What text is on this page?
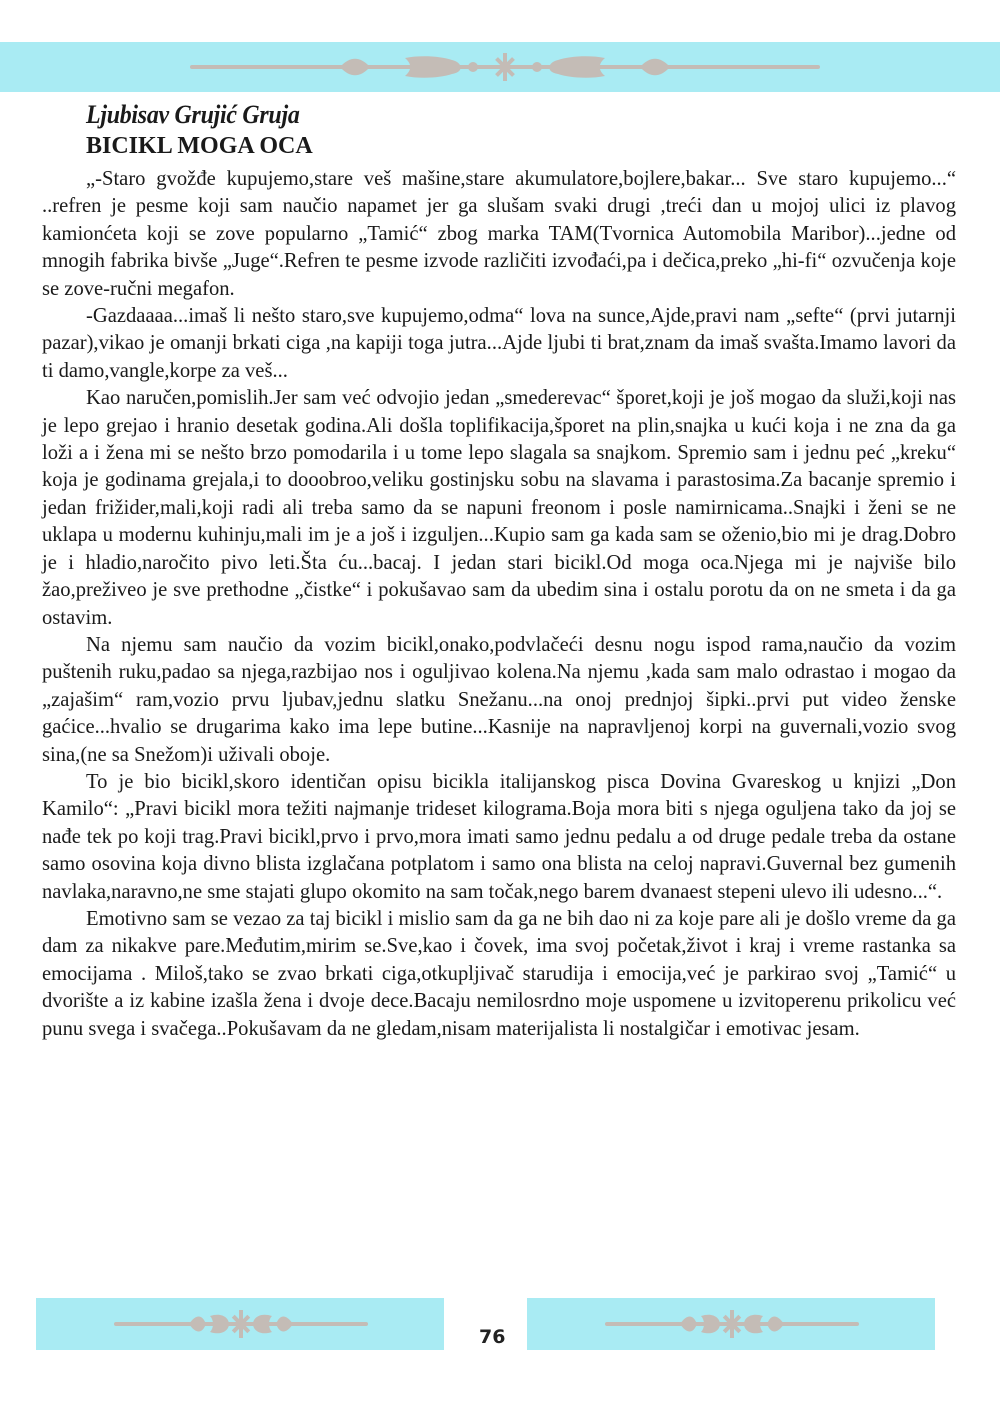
Ljubisav Grujić Gruja
BICIKL MOGA OCA

„-Staro gvožđe kupujemo,stare veš mašine,stare akumulatore,bojlere,bakar... Sve staro kupujemo...“ ..refren je pesme koji sam naučio napamet jer ga slušam svaki drugi ,treći dan u mojoj ulici iz plavog kamionćeta koji se zove popularno „Tamić“ zbog marka TAM(Tvornica Automobila Maribor)...jedne od mnogih fabrika bivše „Juge“.Refren te pesme izvode različiti izvođaći,pa i dečica,preko „hi-fi“ ozvučenja koje se zove-ručni megafon.

-Gazdaaaa...imaš li nešto staro,sve kupujemo,odma“ lova na sunce,Ajde,pravi nam „sefte“ (prvi jutarnji pazar),vikao je omanji brkati ciga ,na kapiji toga jutra...Ajde ljubi ti brat,znam da imaš svašta.Imamo lavori da ti damo,vangle,korpe za veš...

Kao naručen,pomislih.Jer sam već odvojio jedan „smederevac“ šporet,koji je još mogao da služi,koji nas je lepo grejao i hranio desetak godina.Ali došla toplifikacija,šporet na plin,snajka u kući koja i ne zna da ga loži a i žena mi se nešto brzo pomodarila i u tome lepo slagala sa snajkom. Spremio sam i jednu peć „kreku“ koja je godinama grejala,i to dooobroo,veliku gostinjsku sobu na slavama i parastosima.Za bacanje spremio i jedan frižider,mali,koji radi ali treba samo da se napuni freonom i posle namirnicama..Snajki i ženi se ne uklapa u modernu kuhinju,mali im je a još i izguljen...Kupio sam ga kada sam se oženio,bio mi je drag.Dobro je i hladio,naročito pivo leti.Šta ću...bacaj. I jedan stari bicikl.Od moga oca.Njega mi je najviše bilo žao,preživeo je sve prethodne „čistke“ i pokušavao sam da ubedim sina i ostalu porotu da on ne smeta i da ga ostavim.

Na njemu sam naučio da vozim bicikl,onako,podvlačeći desnu nogu ispod rama,naučio da vozim puštenih ruku,padao sa njega,razbijao nos i oguljivao kolena.Na njemu ,kada sam malo odrastao i mogao da „zajašim“ ram,vozio prvu ljubav,jednu slatku Snežanu...na onoj prednjoj šipki..prvi put video ženske gaćice...hvalio se drugarima kako ima lepe butine...Kasnije na napravljenoj korpi na guvernali,vozio svog sina,(ne sa Snežom)i uživali oboje.

To je bio bicikl,skoro identičan opisu bicikla italijanskog pisca Dovina Gvareskog u knjizi „Don Kamilo“: „Pravi bicikl mora težiti najmanje trideset kilograma.Boja mora biti s njega oguljena tako da joj se nađe tek po koji trag.Pravi bicikl,prvo i prvo,mora imati samo jednu pedalu a od druge pedale treba da ostane samo osovina koja divno blista izglačana potplatom i samo ona blista na celoj napravi.Guvernal bez gumenih navlaka,naravno,ne sme stajati glupo okomito na sam točak,nego barem dvanaest stepeni ulevo ili udesno...“.

Emotivno sam se vezao za taj bicikl i mislio sam da ga ne bih dao ni za koje pare ali je došlo vreme da ga dam za nikakve pare.Međutim,mirim se.Sve,kao i čovek, ima svoj početak,život i kraj i vreme rastanka sa emocijama . Miloš,tako se zvao brkati ciga,otkupljivač starudija i emocija,već je parkirao svoj „Tamić“ u dvorište a iz kabine izašla žena i dvoje dece.Bacaju nemilosrdno moje uspomene u izvitoperenu prikolicu već punu svega i svačega..Pokušavam da ne gledam,nisam materijalista li nostalgičar i emotivac jesam.

76
